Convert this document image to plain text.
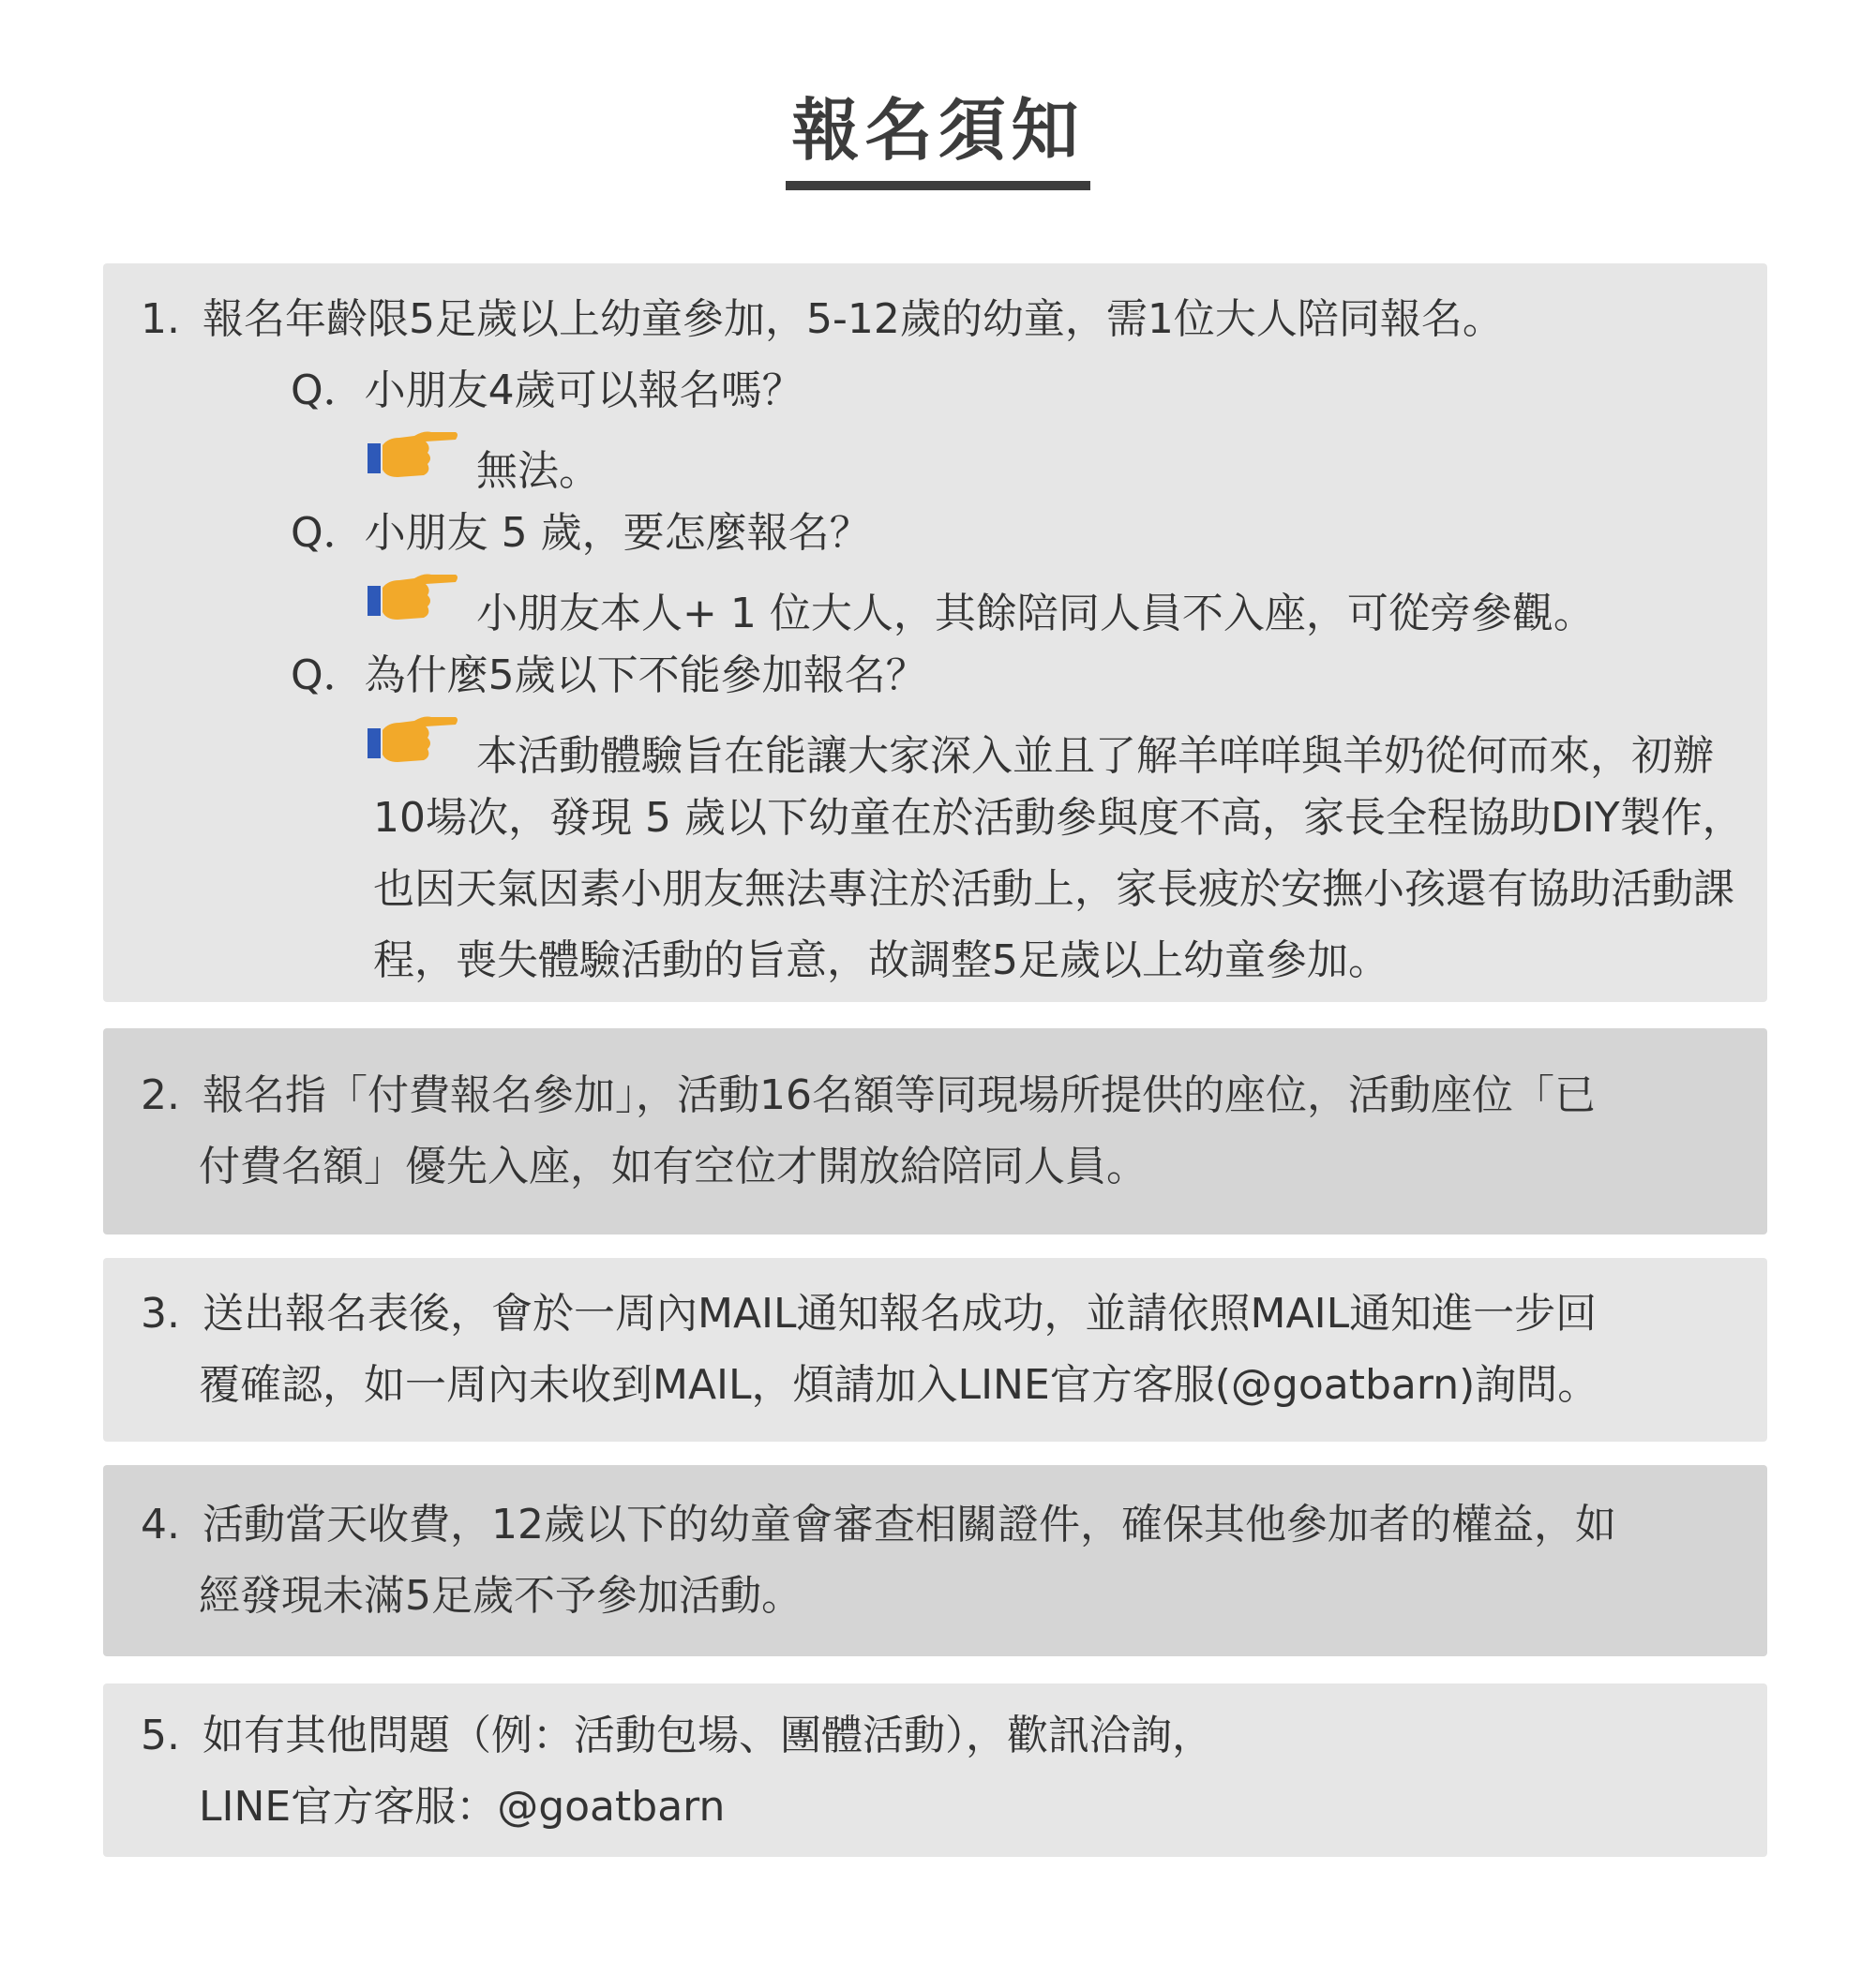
報名須知
1. 報名年齡限5足歲以上幼童參加，5-12歲的幼童，需1位大人陪同報名。
Q．小朋友4歲可以報名嗎？
無法。
Q．小朋友 5 歲，要怎麼報名？
小朋友本人+ 1 位大人，其餘陪同人員不入座，可從旁參觀。
Q．為什麼5歲以下不能參加報名？
本活動體驗旨在能讓大家深入並且了解羊咩咩與羊奶從何而來，初辦
10場次，發現 5 歲以下幼童在於活動參與度不高，家長全程協助DIY製作，
也因天氣因素小朋友無法專注於活動上，家長疲於安撫小孩還有協助活動課
程，喪失體驗活動的旨意，故調整5足歲以上幼童參加。
2. 報名指「付費報名參加」，活動16名額等同現場所提供的座位，活動座位「已
付費名額」優先入座，如有空位才開放給陪同人員。
3. 送出報名表後，會於一周內MAIL通知報名成功，並請依照MAIL通知進一步回
覆確認，如一周內未收到MAIL，煩請加入LINE官方客服(@goatbarn)詢問。
4. 活動當天收費，12歲以下的幼童會審查相關證件，確保其他參加者的權益，如
經發現未滿5足歲不予參加活動。
5. 如有其他問題（例：活動包場、團體活動），歡訊洽詢，
LINE官方客服：@goatbarn
